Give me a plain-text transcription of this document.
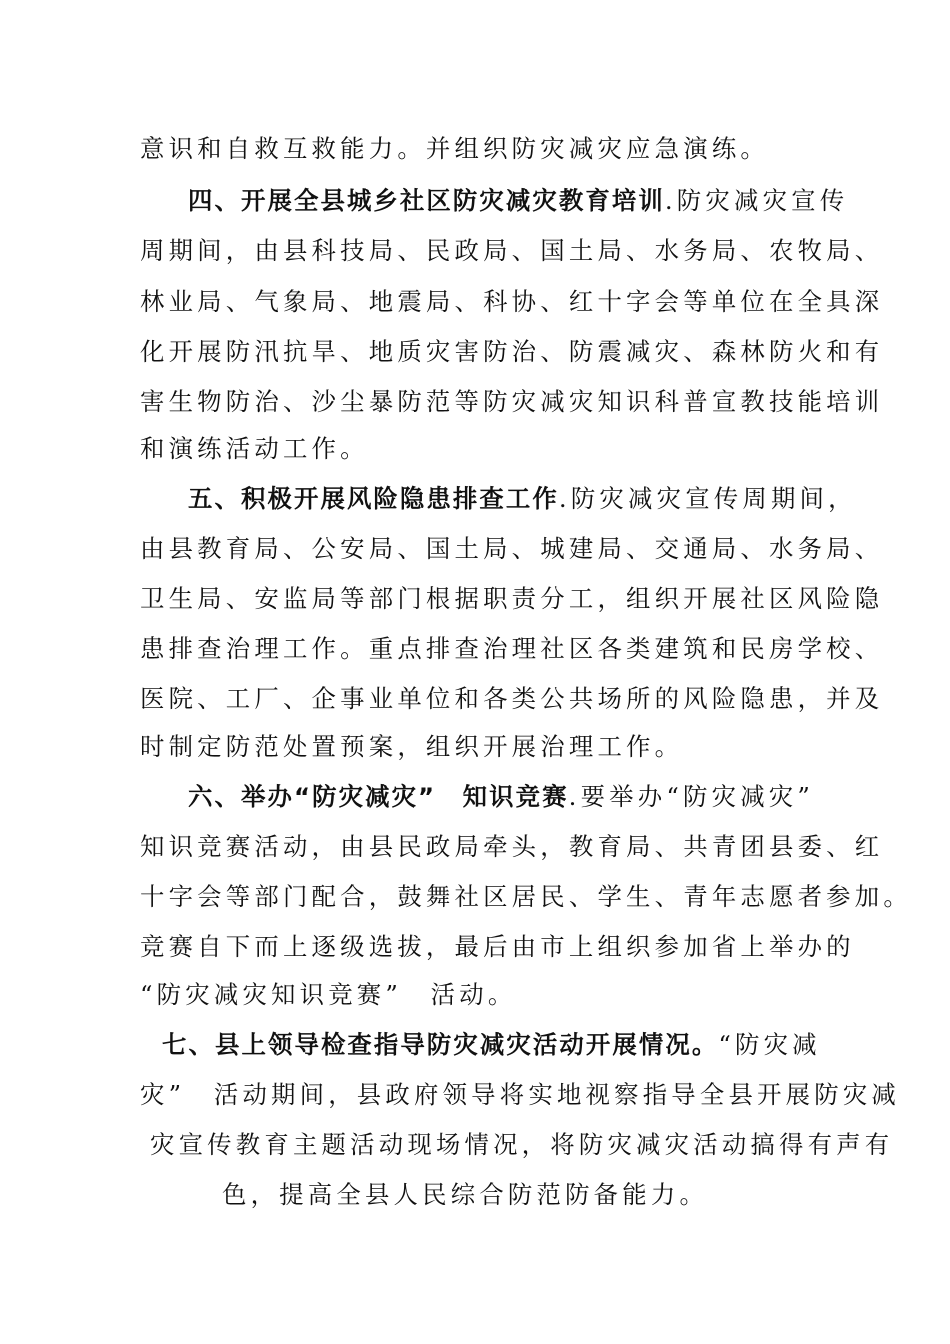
意识和自救互救能力。并组织防灾减灾应急演练。

四、开展全县城乡社区防灾减灾教育培训.防灾减灾宣传

周期间，由县科技局、民政局、国土局、水务局、农牧局、

林业局、气象局、地震局、科协、红十字会等单位在全具深

化开展防汛抗旱、地质灾害防治、防震减灾、森林防火和有

害生物防治、沙尘暴防范等防灾减灾知识科普宣教技能培训

和演练活动工作。

五、积极开展风险隐患排查工作.防灾减灾宣传周期间，

由县教育局、公安局、国土局、城建局、交通局、水务局、

卫生局、安监局等部门根据职责分工，组织开展社区风险隐

患排查治理工作。重点排查治理社区各类建筑和民房学校、

医院、工厂、企事业单位和各类公共场所的风险隐患，并及

时制定防范处置预案，组织开展治理工作。

六、举办“防灾减灾”　知识竞赛.要举办“防灾减灾”

知识竞赛活动，由县民政局牵头，教育局、共青团县委、红

十字会等部门配合，鼓舞社区居民、学生、青年志愿者参加。

竞赛自下而上逐级选拔，最后由市上组织参加省上举办的

“防灾减灾知识竞赛”　活动。

七、县上领导检查指导防灾减灾活动开展情况。“防灾减

灾”　活动期间，县政府领导将实地视察指导全县开展防灾减

灾宣传教育主题活动现场情况，将防灾减灾活动搞得有声有

色，提高全县人民综合防范防备能力。
